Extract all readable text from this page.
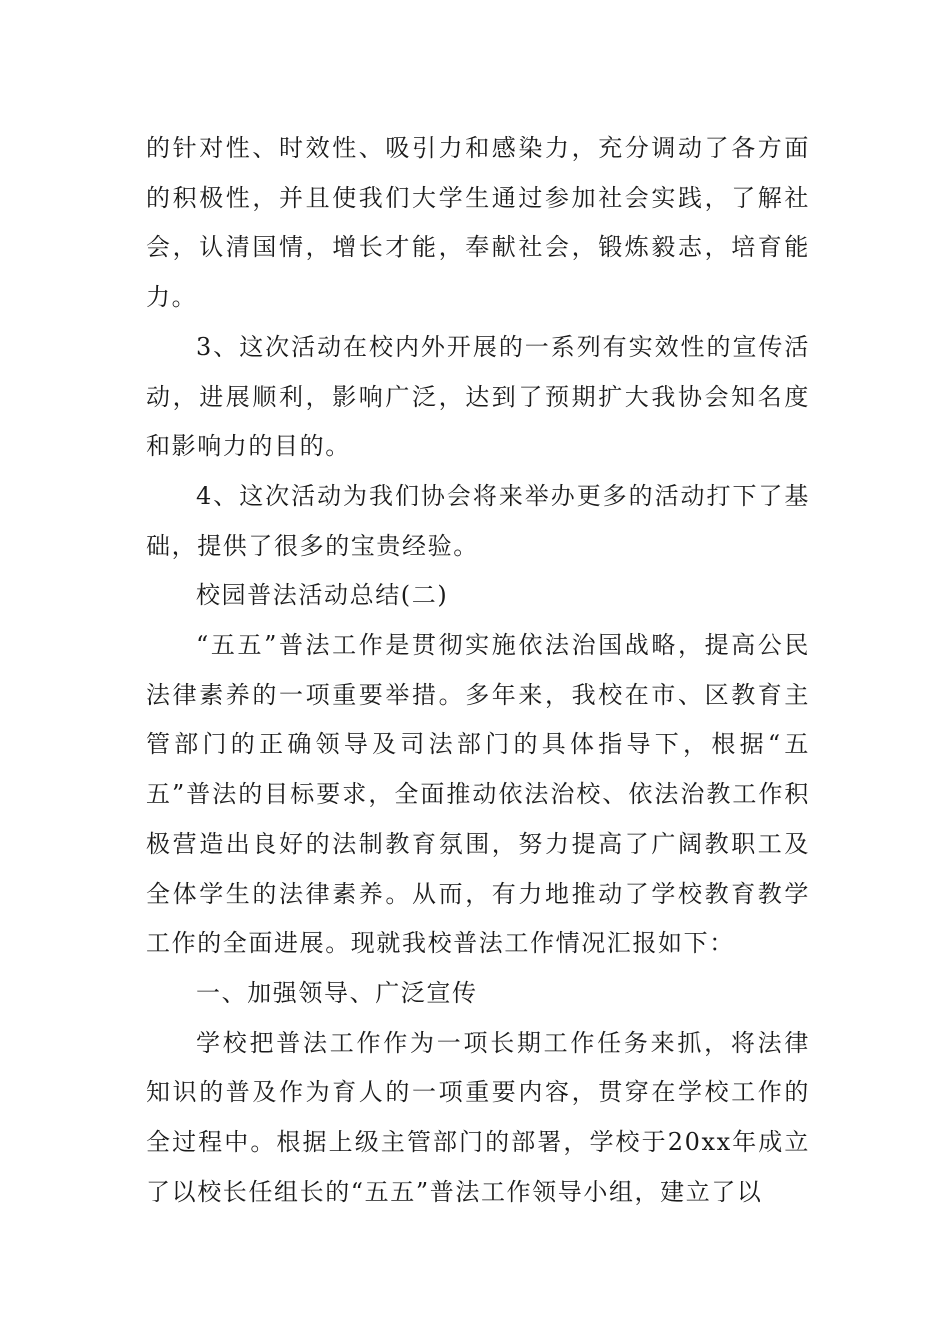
的针对性、时效性、吸引力和感染力，充分调动了各方面的积极性，并且使我们大学生通过参加社会实践，了解社会，认清国情，增长才能，奉献社会，锻炼毅志，培育能力。

3、这次活动在校内外开展的一系列有实效性的宣传活动，进展顺利，影响广泛，达到了预期扩大我协会知名度和影响力的目的。

4、这次活动为我们协会将来举办更多的活动打下了基础，提供了很多的宝贵经验。

校园普法活动总结(二)

“五五”普法工作是贯彻实施依法治国战略，提高公民法律素养的一项重要举措。多年来，我校在市、区教育主管部门的正确领导及司法部门的具体指导下，根据“五五”普法的目标要求，全面推动依法治校、依法治教工作积极营造出良好的法制教育氛围，努力提高了广阔教职工及全体学生的法律素养。从而，有力地推动了学校教育教学工作的全面进展。现就我校普法工作情况汇报如下：

一、加强领导、广泛宣传

学校把普法工作作为一项长期工作任务来抓，将法律知识的普及作为育人的一项重要内容，贯穿在学校工作的全过程中。根据上级主管部门的部署，学校于20xx年成立了以校长任组长的“五五”普法工作领导小组，建立了以
